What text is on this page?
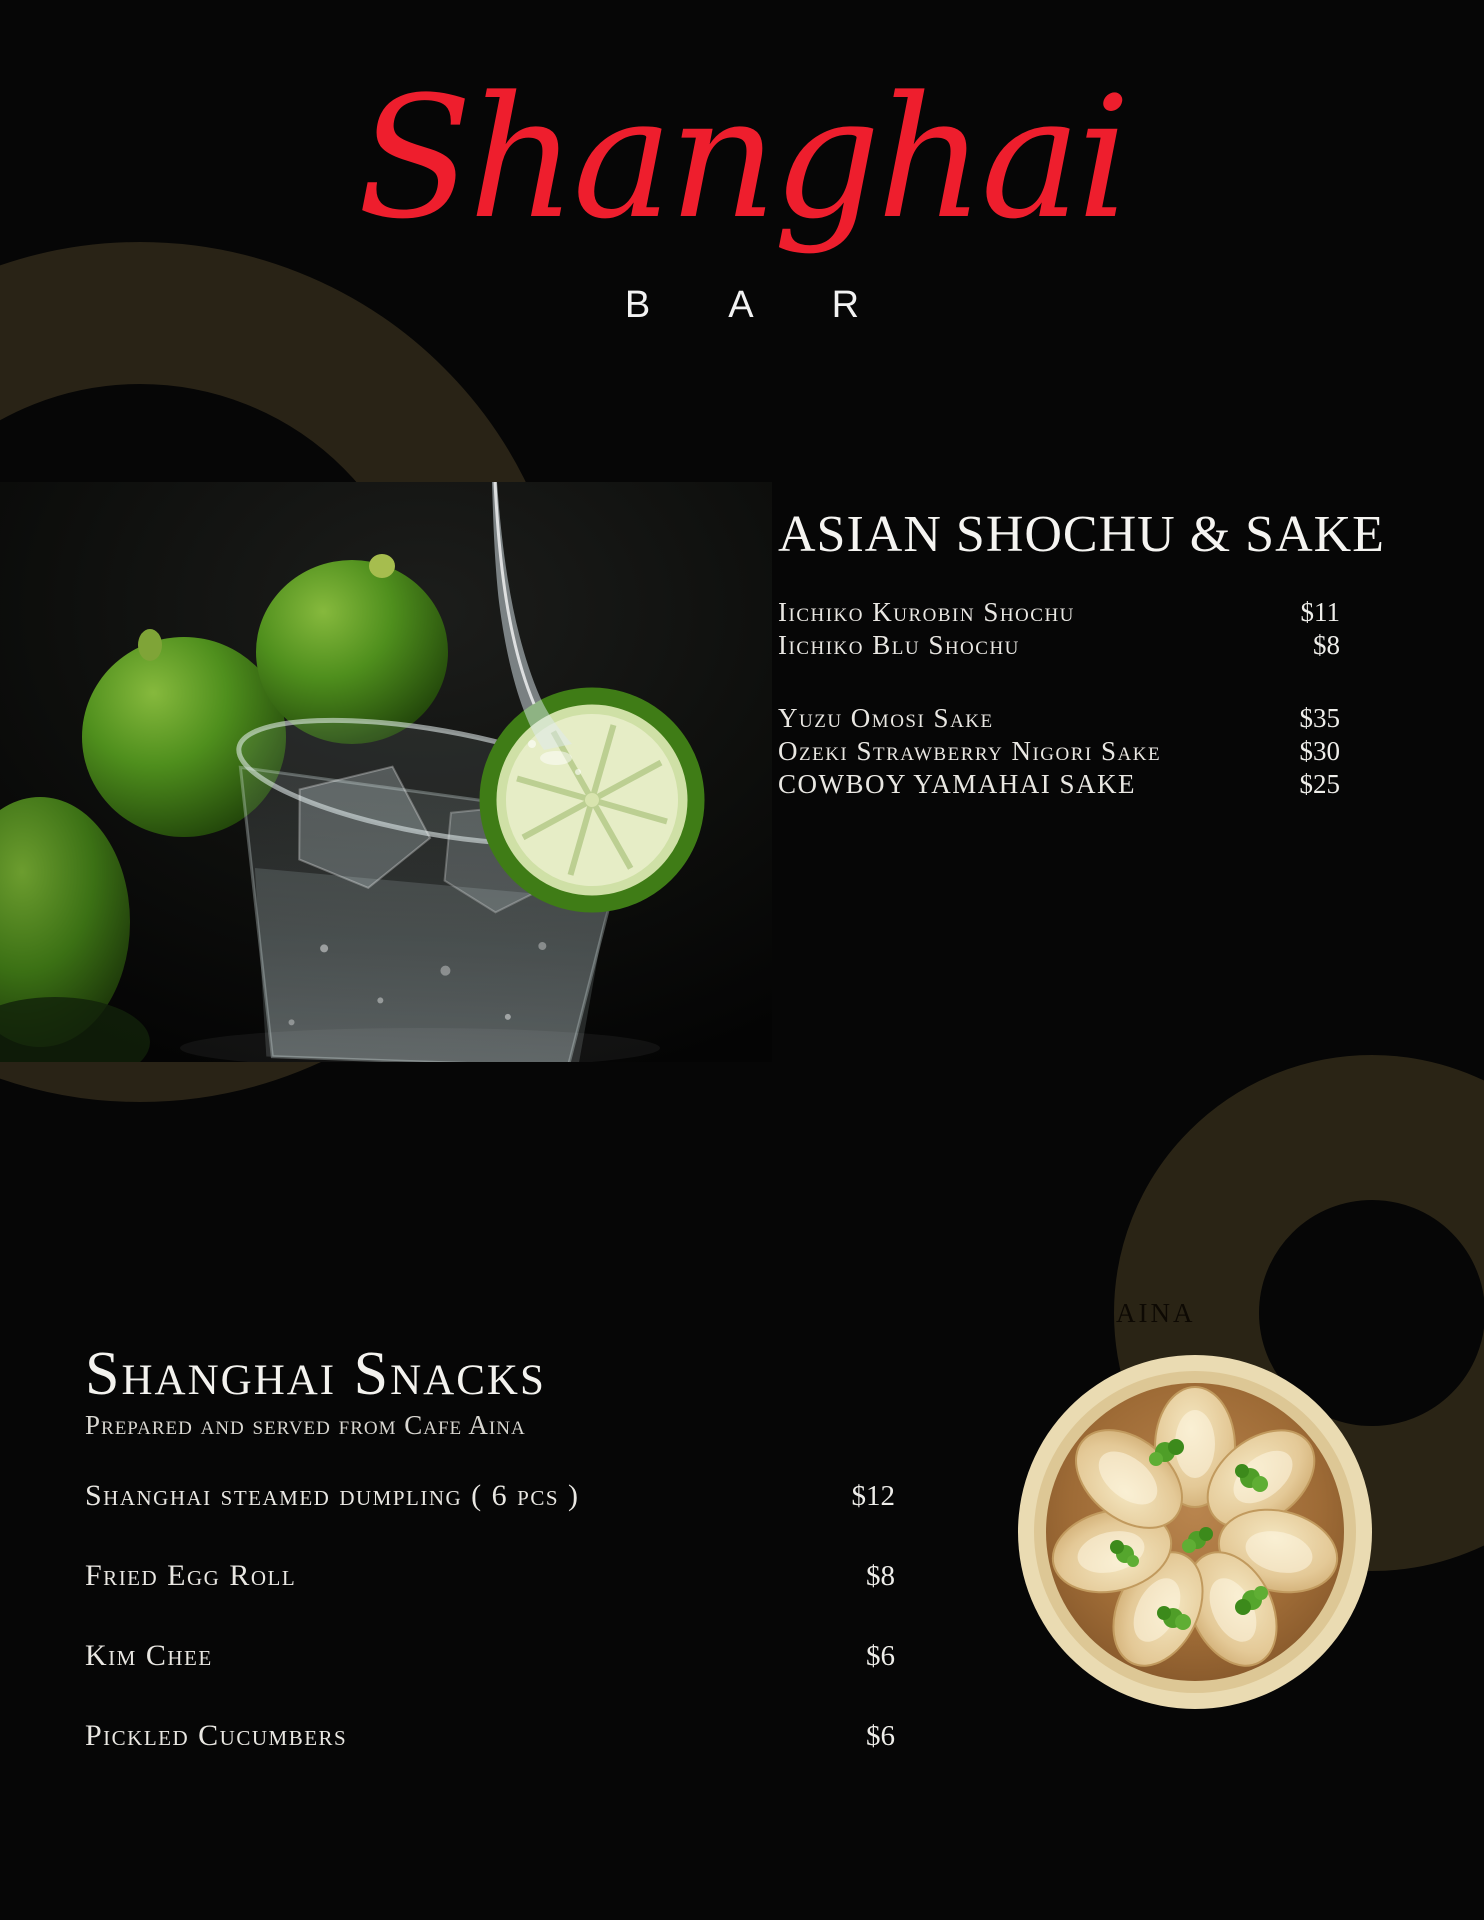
Shanghai
BAR
ASIAN SHOCHU & SAKE
Iichiko Kurobin Shochu	$11
Iichiko Blu Shochu	$8
Yuzu Omosi Sake	$35
Ozeki Strawberry Nigori Sake	$30
COWBOY YAMAHAI SAKE	$25
AINA
Shanghai Snacks

Prepared and served from Cafe Aina

Shanghai steamed dumpling ( 6 pcs )	$12
Fried Egg Roll	$8
Kim Chee	$6
Pickled Cucumbers	$6
